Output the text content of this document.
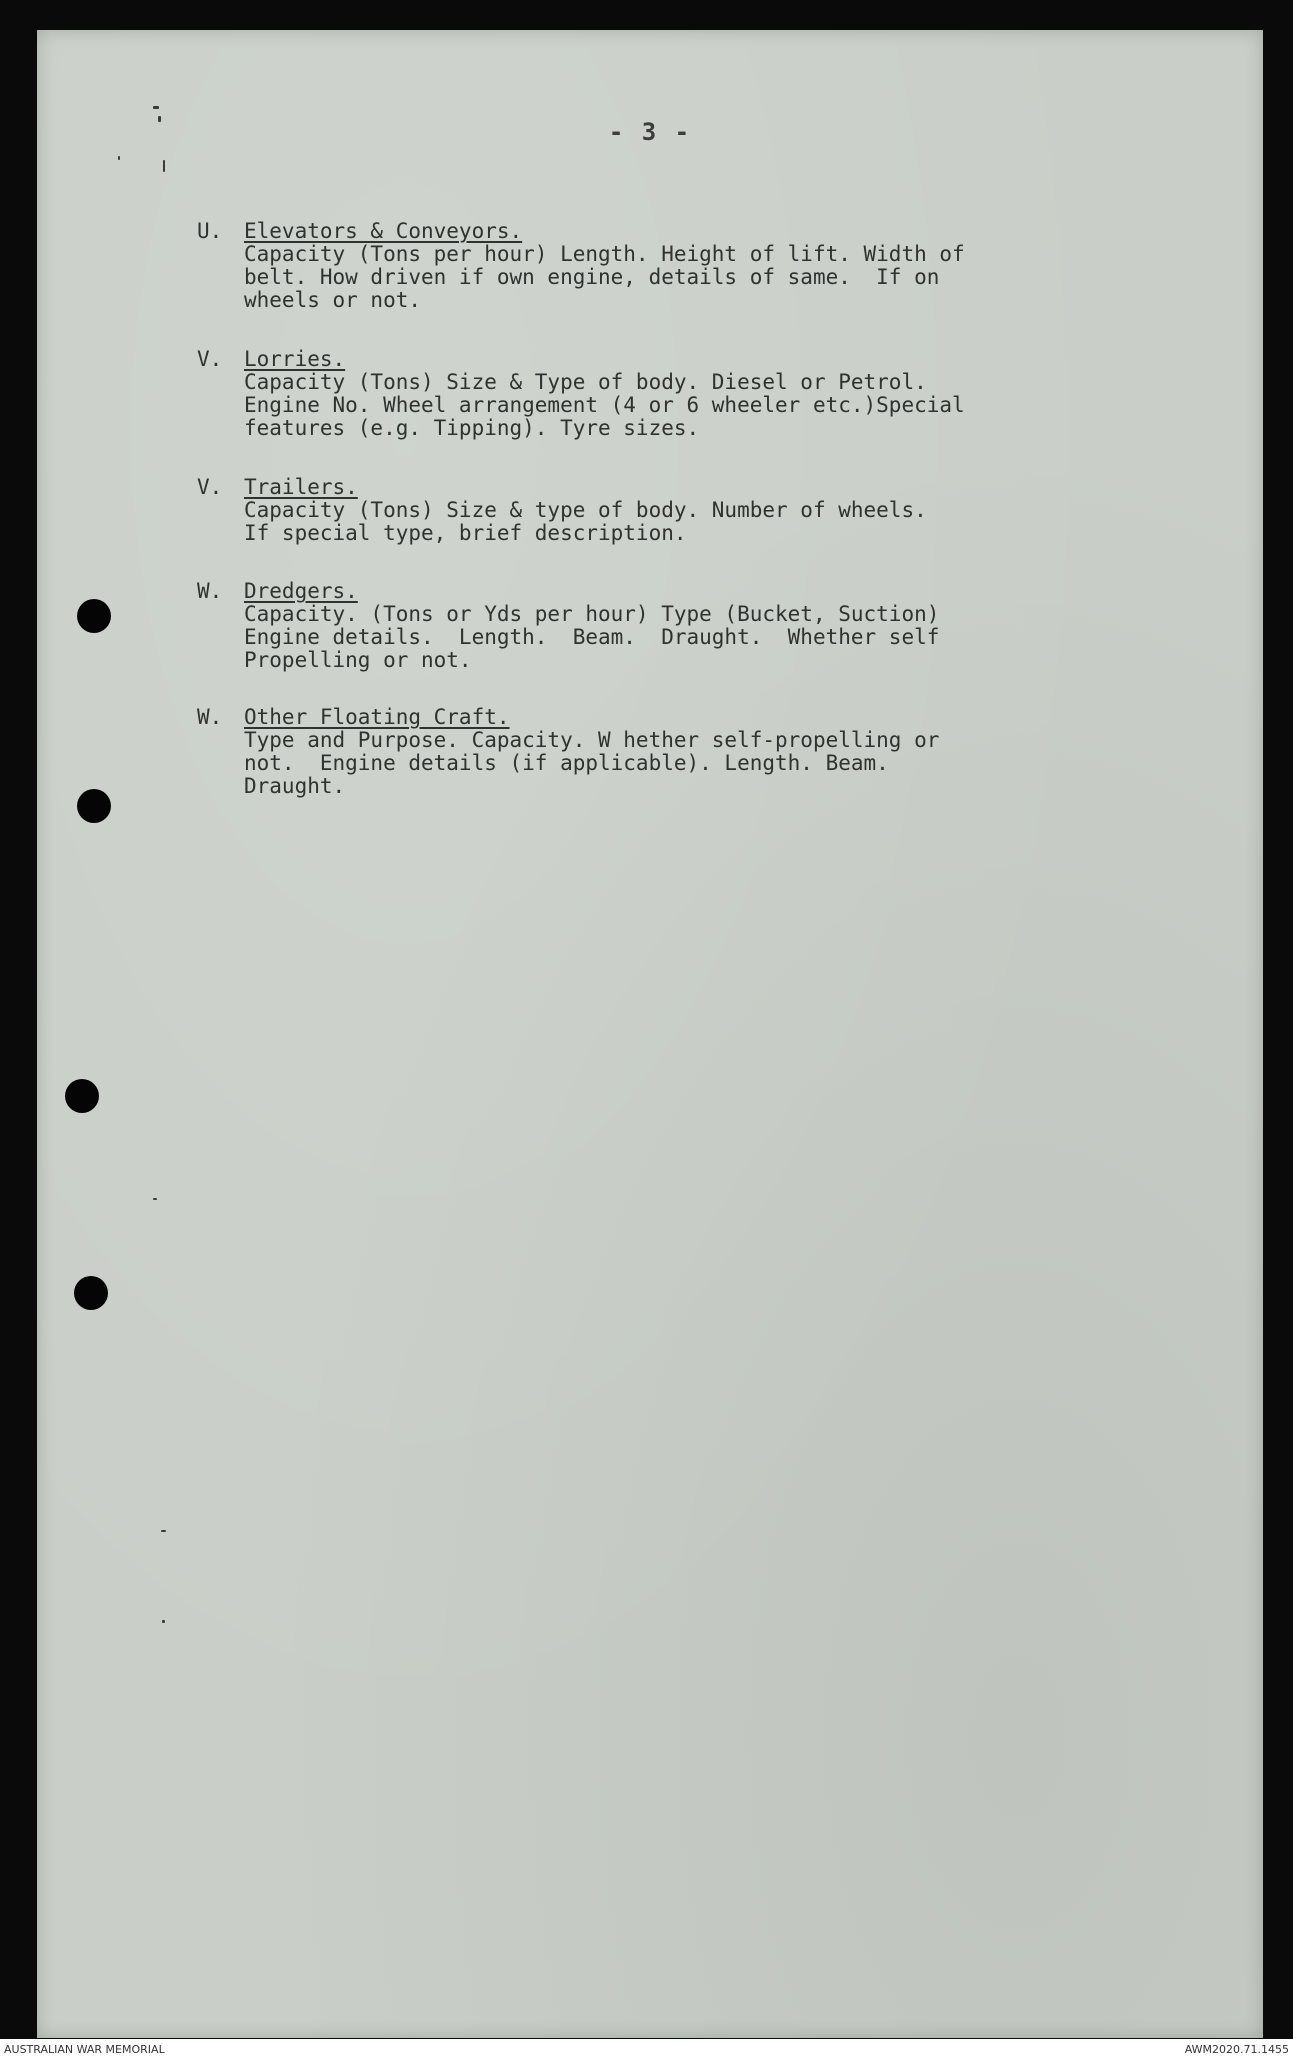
- 3 -
U.	Elevators & Conveyors.
Capacity (Tons per hour) Length. Height of lift. Width of
belt. How driven if own engine, details of same.  If on
wheels or not.
V.	Lorries.
Capacity (Tons) Size & Type of body. Diesel or Petrol.
Engine No. Wheel arrangement (4 or 6 wheeler etc.)Special
features (e.g. Tipping). Tyre sizes.
V.	Trailers.
Capacity (Tons) Size & type of body. Number of wheels.
If special type, brief description.
W.	Dredgers.
Capacity. (Tons or Yds per hour) Type (Bucket, Suction)
Engine details.  Length.  Beam.  Draught.  Whether self
Propelling or not.
W.	Other Floating Craft.
Type and Purpose. Capacity. W hether self-propelling or
not.  Engine details (if applicable). Length. Beam.
Draught.
AUSTRALIAN WAR MEMORIAL	AWM2020.71.1455
